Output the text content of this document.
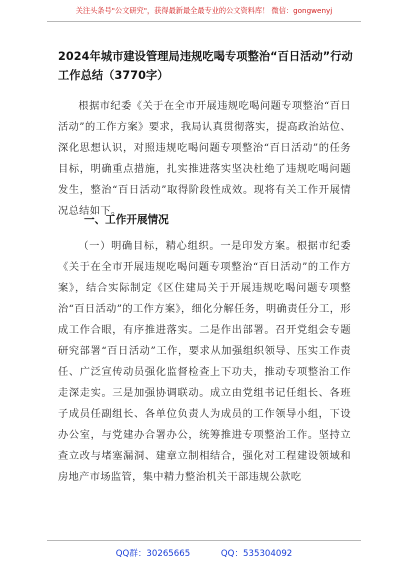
关注头条号"公文研究"，获得最新最全最专业的公文资料库！ 微信：gongwenyj
2024年城市建设管理局违规吃喝专项整治“百日活动”行动工作总结（3770字）
根据市纪委《关于在全市开展违规吃喝问题专项整治“百日活动”的工作方案》要求，我局认真贯彻落实，提高政治站位、深化思想认识，对照违规吃喝问题专项整治“百日活动”的任务目标，明确重点措施，扎实推进落实坚决杜绝了违规吃喝问题发生，整治“百日活动”取得阶段性成效。现将有关工作开展情况总结如下。
一、工作开展情况
（一）明确目标，精心组织。一是印发方案。根据市纪委《关于在全市开展违规吃喝问题专项整治“百日活动”的工作方案》，结合实际制定《区住建局关于开展违规吃喝问题专项整治“百日活动”的工作方案》，细化分解任务，明确责任分工，形成工作合眼，有序推进落实。二是作出部署。召开党组会专题研究部署“百日活动”工作，要求从加强组织领导、压实工作责任、广泛宣传动员强化监督检查上下功夫，推动专项整治工作走深走实。三是加强协调联动。成立由党组书记任组长、各班子成员任副组长、各单位负责人为成员的工作领导小组，下设办公室，与党建办合署办公，统筹推进专项整治工作。坚持立查立改与堵塞漏洞、建章立制相结合，强化对工程建设领域和房地产市场监管，集中精力整治机关干部违规公款吃
QQ群：30265665	QQ：535304092
